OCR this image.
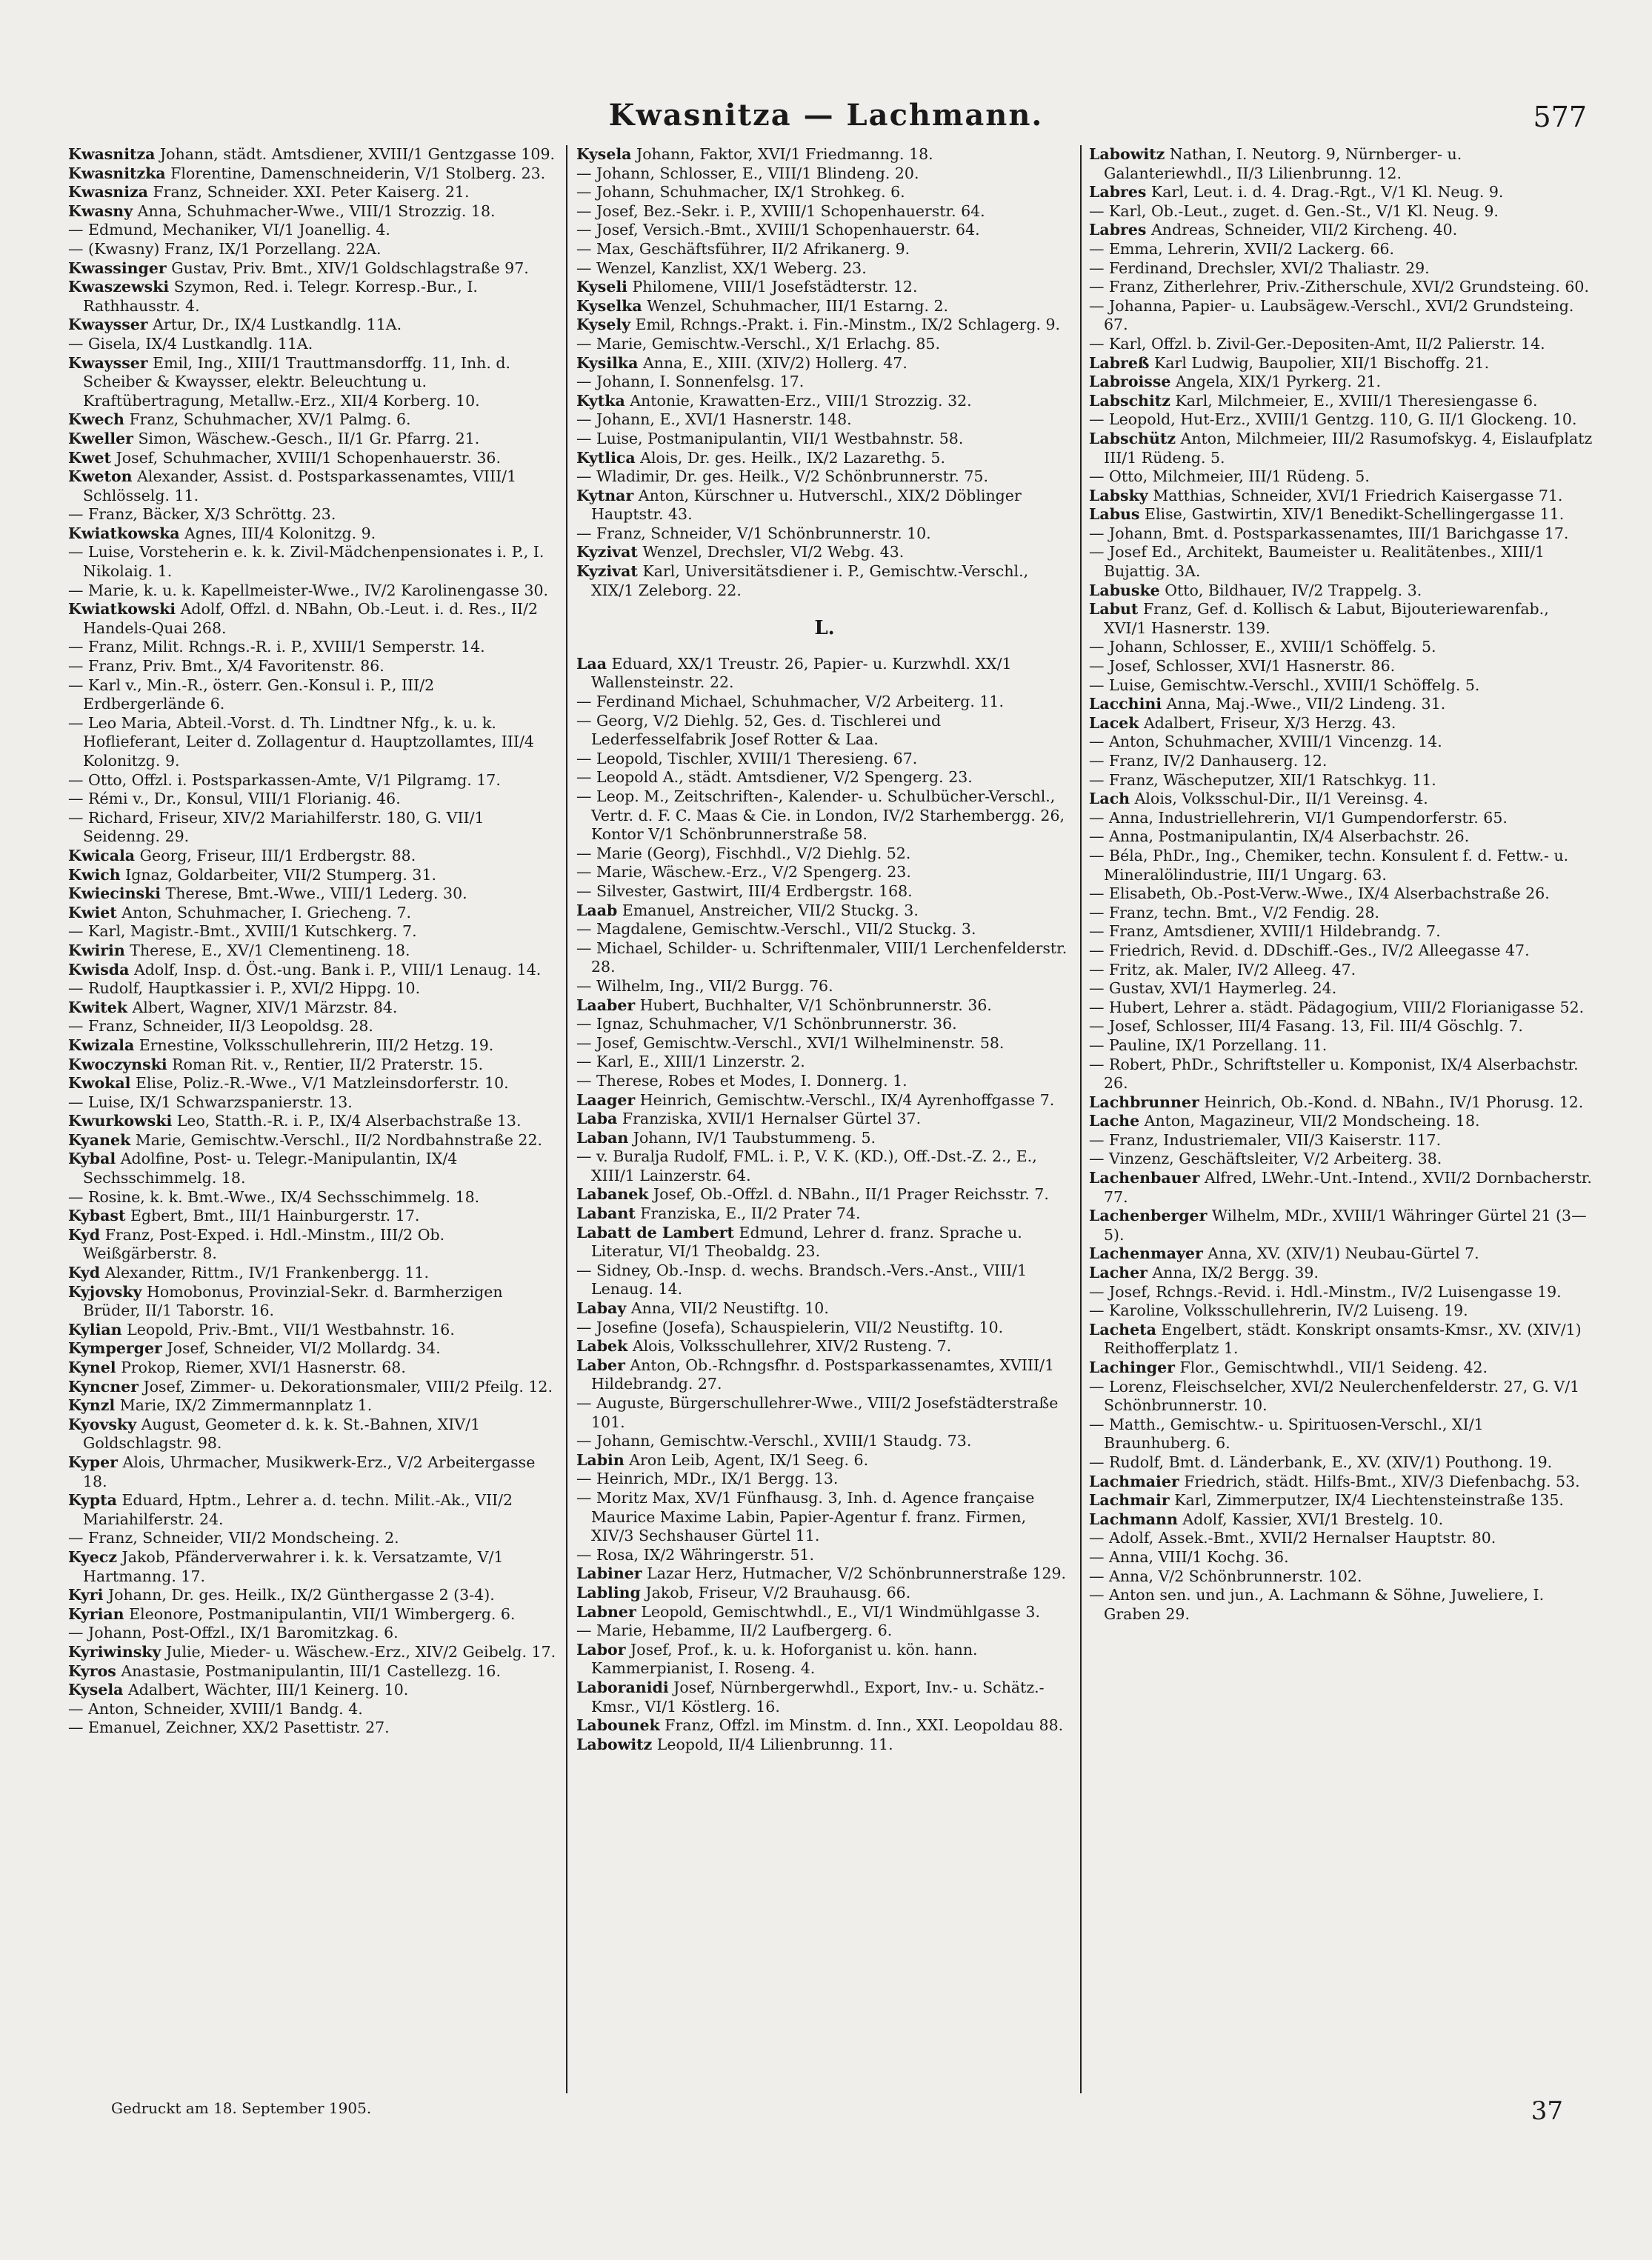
Kwasnitza — Lachmann.	577

Kwasnitza Johann, städt. Amtsdiener, XVIII/1 Gentzgasse 109.

Kwasnitzka Florentine, Damenschneiderin, V/1 Stolberg. 23.

Kwasniza Franz, Schneider. XXI. Peter Kaiserg. 21.

Kwasny Anna, Schuhmacher-Wwe., VIII/1 Strozzig. 18.

— Edmund, Mechaniker, VI/1 Joanellig. 4.

— (Kwasny) Franz, IX/1 Porzellang. 22A.

Kwassinger Gustav, Priv. Bmt., XIV/1 Goldschlagstraße 97.

Kwaszewski Szymon, Red. i. Telegr. Korresp.-Bur., I. Rathhausstr. 4.

Kwaysser Artur, Dr., IX/4 Lustkandlg. 11A.

— Gisela, IX/4 Lustkandlg. 11A.

Kwaysser Emil, Ing., XIII/1 Trauttmansdorffg. 11, Inh. d. Scheiber & Kwaysser, elektr. Beleuchtung u. Kraftübertragung, Metallw.-Erz., XII/4 Korberg. 10.

Kwech Franz, Schuhmacher, XV/1 Palmg. 6.

Kweller Simon, Wäschew.-Gesch., II/1 Gr. Pfarrg. 21.

Kwet Josef, Schuhmacher, XVIII/1 Schopenhauerstr. 36.

Kweton Alexander, Assist. d. Postsparkassenamtes, VIII/1 Schlösselg. 11.

— Franz, Bäcker, X/3 Schröttg. 23.

Kwiatkowska Agnes, III/4 Kolonitzg. 9.

— Luise, Vorsteherin e. k. k. Zivil-Mädchenpensionates i. P., I. Nikolaig. 1.

— Marie, k. u. k. Kapellmeister-Wwe., IV/2 Karolinengasse 30.

Kwiatkowski Adolf, Offzl. d. NBahn, Ob.-Leut. i. d. Res., II/2 Handels-Quai 268.

— Franz, Milit. Rchngs.-R. i. P., XVIII/1 Semperstr. 14.

— Franz, Priv. Bmt., X/4 Favoritenstr. 86.

— Karl v., Min.-R., österr. Gen.-Konsul i. P., III/2 Erdbergerlände 6.

— Leo Maria, Abteil.-Vorst. d. Th. Lindtner Nfg., k. u. k. Hoflieferant, Leiter d. Zollagentur d. Hauptzollamtes, III/4 Kolonitzg. 9.

— Otto, Offzl. i. Postsparkassen-Amte, V/1 Pilgramg. 17.

— Rémi v., Dr., Konsul, VIII/1 Florianig. 46.

— Richard, Friseur, XIV/2 Mariahilferstr. 180, G. VII/1 Seidenng. 29.

Kwicala Georg, Friseur, III/1 Erdbergstr. 88.

Kwich Ignaz, Goldarbeiter, VII/2 Stumperg. 31.

Kwiecinski Therese, Bmt.-Wwe., VIII/1 Lederg. 30.

Kwiet Anton, Schuhmacher, I. Griecheng. 7.

— Karl, Magistr.-Bmt., XVIII/1 Kutschkerg. 7.

Kwirin Therese, E., XV/1 Clementineng. 18.

Kwisda Adolf, Insp. d. Öst.-ung. Bank i. P., VIII/1 Lenaug. 14.

— Rudolf, Hauptkassier i. P., XVI/2 Hippg. 10.

Kwitek Albert, Wagner, XIV/1 Märzstr. 84.

— Franz, Schneider, II/3 Leopoldsg. 28.

Kwizala Ernestine, Volksschullehrerin, III/2 Hetzg. 19.

Kwoczynski Roman Rit. v., Rentier, II/2 Praterstr. 15.

Kwokal Elise, Poliz.-R.-Wwe., V/1 Matzleinsdorferstr. 10.

— Luise, IX/1 Schwarzspanierstr. 13.

Kwurkowski Leo, Statth.-R. i. P., IX/4 Alserbachstraße 13.

Kyanek Marie, Gemischtw.-Verschl., II/2 Nordbahnstraße 22.

Kybal Adolfine, Post- u. Telegr.-Manipulantin, IX/4 Sechsschimmelg. 18.

— Rosine, k. k. Bmt.-Wwe., IX/4 Sechsschimmelg. 18.

Kybast Egbert, Bmt., III/1 Hainburgerstr. 17.

Kyd Franz, Post-Exped. i. Hdl.-Minstm., III/2 Ob. Weißgärberstr. 8.

Kyd Alexander, Rittm., IV/1 Frankenbergg. 11.

Kyjovsky Homobonus, Provinzial-Sekr. d. Barmherzigen Brüder, II/1 Taborstr. 16.

Kylian Leopold, Priv.-Bmt., VII/1 Westbahnstr. 16.

Kymperger Josef, Schneider, VI/2 Mollardg. 34.

Kynel Prokop, Riemer, XVI/1 Hasnerstr. 68.

Kyncner Josef, Zimmer- u. Dekorationsmaler, VIII/2 Pfeilg. 12.

Kynzl Marie, IX/2 Zimmermannplatz 1.

Kyovsky August, Geometer d. k. k. St.-Bahnen, XIV/1 Goldschlagstr. 98.

Kyper Alois, Uhrmacher, Musikwerk-Erz., V/2 Arbeitergasse 18.

Kypta Eduard, Hptm., Lehrer a. d. techn. Milit.-Ak., VII/2 Mariahilferstr. 24.

— Franz, Schneider, VII/2 Mondscheing. 2.

Kyecz Jakob, Pfänderverwahrer i. k. k. Versatzamte, V/1 Hartmanng. 17.

Kyri Johann, Dr. ges. Heilk., IX/2 Günthergasse 2 (3-4).

Kyrian Eleonore, Postmanipulantin, VII/1 Wimbergerg. 6.

— Johann, Post-Offzl., IX/1 Baromitzkag. 6.

Kyriwinsky Julie, Mieder- u. Wäschew.-Erz., XIV/2 Geibelg. 17.

Kyros Anastasie, Postmanipulantin, III/1 Castellezg. 16.

Kysela Adalbert, Wächter, III/1 Keinerg. 10.

— Anton, Schneider, XVIII/1 Bandg. 4.

— Emanuel, Zeichner, XX/2 Pasettistr. 27.

Kysela Johann, Faktor, XVI/1 Friedmanng. 18.

— Johann, Schlosser, E., VIII/1 Blindeng. 20.

— Johann, Schuhmacher, IX/1 Strohkeg. 6.

— Josef, Bez.-Sekr. i. P., XVIII/1 Schopenhauerstr. 64.

— Josef, Versich.-Bmt., XVIII/1 Schopenhauerstr. 64.

— Max, Geschäftsführer, II/2 Afrikanerg. 9.

— Wenzel, Kanzlist, XX/1 Weberg. 23.

Kyseli Philomene, VIII/1 Josefstädterstr. 12.

Kyselka Wenzel, Schuhmacher, III/1 Estarng. 2.

Kysely Emil, Rchngs.-Prakt. i. Fin.-Minstm., IX/2 Schlagerg. 9.

— Marie, Gemischtw.-Verschl., X/1 Erlachg. 85.

Kysilka Anna, E., XIII. (XIV/2) Hollerg. 47.

— Johann, I. Sonnenfelsg. 17.

Kytka Antonie, Krawatten-Erz., VIII/1 Strozzig. 32.

— Johann, E., XVI/1 Hasnerstr. 148.

— Luise, Postmanipulantin, VII/1 Westbahnstr. 58.

Kytlica Alois, Dr. ges. Heilk., IX/2 Lazarethg. 5.

— Wladimir, Dr. ges. Heilk., V/2 Schönbrunnerstr. 75.

Kytnar Anton, Kürschner u. Hutverschl., XIX/2 Döblinger Hauptstr. 43.

— Franz, Schneider, V/1 Schönbrunnerstr. 10.

Kyzivat Wenzel, Drechsler, VI/2 Webg. 43.

Kyzivat Karl, Universitätsdiener i. P., Gemischtw.-Verschl., XIX/1 Zeleborg. 22.

L.

Laa Eduard, XX/1 Treustr. 26, Papier- u. Kurzwhdl. XX/1 Wallensteinstr. 22.

— Ferdinand Michael, Schuhmacher, V/2 Arbeiterg. 11.

— Georg, V/2 Diehlg. 52, Ges. d. Tischlerei und Lederfesselfabrik Josef Rotter & Laa.

— Leopold, Tischler, XVIII/1 Theresieng. 67.

— Leopold A., städt. Amtsdiener, V/2 Spengerg. 23.

— Leop. M., Zeitschriften-, Kalender- u. Schulbücher-Verschl., Vertr. d. F. C. Maas & Cie. in London, IV/2 Starhembergg. 26, Kontor V/1 Schönbrunnerstraße 58.

— Marie (Georg), Fischhdl., V/2 Diehlg. 52.

— Marie, Wäschew.-Erz., V/2 Spengerg. 23.

— Silvester, Gastwirt, III/4 Erdbergstr. 168.

Laab Emanuel, Anstreicher, VII/2 Stuckg. 3.

— Magdalene, Gemischtw.-Verschl., VII/2 Stuckg. 3.

— Michael, Schilder- u. Schriftenmaler, VIII/1 Lerchenfelderstr. 28.

— Wilhelm, Ing., VII/2 Burgg. 76.

Laaber Hubert, Buchhalter, V/1 Schönbrunnerstr. 36.

— Ignaz, Schuhmacher, V/1 Schönbrunnerstr. 36.

— Josef, Gemischtw.-Verschl., XVI/1 Wilhelminenstr. 58.

— Karl, E., XIII/1 Linzerstr. 2.

— Therese, Robes et Modes, I. Donnerg. 1.

Laager Heinrich, Gemischtw.-Verschl., IX/4 Ayrenhoffgasse 7.

Laba Franziska, XVII/1 Hernalser Gürtel 37.

Laban Johann, IV/1 Taubstummeng. 5.

— v. Buralja Rudolf, FML. i. P., V. K. (KD.), Off.-Dst.-Z. 2., E., XIII/1 Lainzerstr. 64.

Labanek Josef, Ob.-Offzl. d. NBahn., II/1 Prager Reichsstr. 7.

Labant Franziska, E., II/2 Prater 74.

Labatt de Lambert Edmund, Lehrer d. franz. Sprache u. Literatur, VI/1 Theobaldg. 23.

— Sidney, Ob.-Insp. d. wechs. Brandsch.-Vers.-Anst., VIII/1 Lenaug. 14.

Labay Anna, VII/2 Neustiftg. 10.

— Josefine (Josefa), Schauspielerin, VII/2 Neustiftg. 10.

Labek Alois, Volksschullehrer, XIV/2 Rusteng. 7.

Laber Anton, Ob.-Rchngsfhr. d. Postsparkassenamtes, XVIII/1 Hildebrandg. 27.

— Auguste, Bürgerschullehrer-Wwe., VIII/2 Josefstädterstraße 101.

— Johann, Gemischtw.-Verschl., XVIII/1 Staudg. 73.

Labin Aron Leib, Agent, IX/1 Seeg. 6.

— Heinrich, MDr., IX/1 Bergg. 13.

— Moritz Max, XV/1 Fünfhausg. 3, Inh. d. Agence française Maurice Maxime Labin, Papier-Agentur f. franz. Firmen, XIV/3 Sechshauser Gürtel 11.

— Rosa, IX/2 Währingerstr. 51.

Labiner Lazar Herz, Hutmacher, V/2 Schönbrunnerstraße 129.

Labling Jakob, Friseur, V/2 Brauhausg. 66.

Labner Leopold, Gemischtwhdl., E., VI/1 Windmühlgasse 3.

— Marie, Hebamme, II/2 Laufbergerg. 6.

Labor Josef, Prof., k. u. k. Hoforganist u. kön. hann. Kammerpianist, I. Roseng. 4.

Laboranidi Josef, Nürnbergerwhdl., Export, Inv.- u. Schätz.-Kmsr., VI/1 Köstlerg. 16.

Labounek Franz, Offzl. im Minstm. d. Inn., XXI. Leopoldau 88.

Labowitz Leopold, II/4 Lilienbrunng. 11.

Labowitz Nathan, I. Neutorg. 9, Nürnberger- u. Galanteriewhdl., II/3 Lilienbrunng. 12.

Labres Karl, Leut. i. d. 4. Drag.-Rgt., V/1 Kl. Neug. 9.

— Karl, Ob.-Leut., zuget. d. Gen.-St., V/1 Kl. Neug. 9.

Labres Andreas, Schneider, VII/2 Kircheng. 40.

— Emma, Lehrerin, XVII/2 Lackerg. 66.

— Ferdinand, Drechsler, XVI/2 Thaliastr. 29.

— Franz, Zitherlehrer, Priv.-Zitherschule, XVI/2 Grundsteing. 60.

— Johanna, Papier- u. Laubsägew.-Verschl., XVI/2 Grundsteing. 67.

— Karl, Offzl. b. Zivil-Ger.-Depositen-Amt, II/2 Palierstr. 14.

Labreß Karl Ludwig, Baupolier, XII/1 Bischoffg. 21.

Labroisse Angela, XIX/1 Pyrkerg. 21.

Labschitz Karl, Milchmeier, E., XVIII/1 Theresiengasse 6.

— Leopold, Hut-Erz., XVIII/1 Gentzg. 110, G. II/1 Glockeng. 10.

Labschütz Anton, Milchmeier, III/2 Rasumofskyg. 4, Eislaufplatz III/1 Rüdeng. 5.

— Otto, Milchmeier, III/1 Rüdeng. 5.

Labsky Matthias, Schneider, XVI/1 Friedrich Kaisergasse 71.

Labus Elise, Gastwirtin, XIV/1 Benedikt-Schellingergasse 11.

— Johann, Bmt. d. Postsparkassenamtes, III/1 Barichgasse 17.

— Josef Ed., Architekt, Baumeister u. Realitätenbes., XIII/1 Bujattig. 3A.

Labuske Otto, Bildhauer, IV/2 Trappelg. 3.

Labut Franz, Gef. d. Kollisch & Labut, Bijouteriewarenfab., XVI/1 Hasnerstr. 139.

— Johann, Schlosser, E., XVIII/1 Schöffelg. 5.

— Josef, Schlosser, XVI/1 Hasnerstr. 86.

— Luise, Gemischtw.-Verschl., XVIII/1 Schöffelg. 5.

Lacchini Anna, Maj.-Wwe., VII/2 Lindeng. 31.

Lacek Adalbert, Friseur, X/3 Herzg. 43.

— Anton, Schuhmacher, XVIII/1 Vincenzg. 14.

— Franz, IV/2 Danhauserg. 12.

— Franz, Wäscheputzer, XII/1 Ratschkyg. 11.

Lach Alois, Volksschul-Dir., II/1 Vereinsg. 4.

— Anna, Industriellehrerin, VI/1 Gumpendorferstr. 65.

— Anna, Postmanipulantin, IX/4 Alserbachstr. 26.

— Béla, PhDr., Ing., Chemiker, techn. Konsulent f. d. Fettw.- u. Mineralölindustrie, III/1 Ungarg. 63.

— Elisabeth, Ob.-Post-Verw.-Wwe., IX/4 Alserbachstraße 26.

— Franz, techn. Bmt., V/2 Fendig. 28.

— Franz, Amtsdiener, XVIII/1 Hildebrandg. 7.

— Friedrich, Revid. d. DDschiff.-Ges., IV/2 Alleegasse 47.

— Fritz, ak. Maler, IV/2 Alleeg. 47.

— Gustav, XVI/1 Haymerleg. 24.

— Hubert, Lehrer a. städt. Pädagogium, VIII/2 Florianigasse 52.

— Josef, Schlosser, III/4 Fasang. 13, Fil. III/4 Göschlg. 7.

— Pauline, IX/1 Porzellang. 11.

— Robert, PhDr., Schriftsteller u. Komponist, IX/4 Alserbachstr. 26.

Lachbrunner Heinrich, Ob.-Kond. d. NBahn., IV/1 Phorusg. 12.

Lache Anton, Magazineur, VII/2 Mondscheing. 18.

— Franz, Industriemaler, VII/3 Kaiserstr. 117.

— Vinzenz, Geschäftsleiter, V/2 Arbeiterg. 38.

Lachenbauer Alfred, LWehr.-Unt.-Intend., XVII/2 Dornbacherstr. 77.

Lachenberger Wilhelm, MDr., XVIII/1 Währinger Gürtel 21 (3—5).

Lachenmayer Anna, XV. (XIV/1) Neubau-Gürtel 7.

Lacher Anna, IX/2 Bergg. 39.

— Josef, Rchngs.-Revid. i. Hdl.-Minstm., IV/2 Luisengasse 19.

— Karoline, Volksschullehrerin, IV/2 Luiseng. 19.

Lacheta Engelbert, städt. Konskript onsamts-Kmsr., XV. (XIV/1) Reithofferplatz 1.

Lachinger Flor., Gemischtwhdl., VII/1 Seideng. 42.

— Lorenz, Fleischselcher, XVI/2 Neulerchenfelderstr. 27, G. V/1 Schönbrunnerstr. 10.

— Matth., Gemischtw.- u. Spirituosen-Verschl., XI/1 Braunhuberg. 6.

— Rudolf, Bmt. d. Länderbank, E., XV. (XIV/1) Pouthong. 19.

Lachmaier Friedrich, städt. Hilfs-Bmt., XIV/3 Diefenbachg. 53.

Lachmair Karl, Zimmerputzer, IX/4 Liechtensteinstraße 135.

Lachmann Adolf, Kassier, XVI/1 Brestelg. 10.

— Adolf, Assek.-Bmt., XVII/2 Hernalser Hauptstr. 80.

— Anna, VIII/1 Kochg. 36.

— Anna, V/2 Schönbrunnerstr. 102.

— Anton sen. und jun., A. Lachmann & Söhne, Juweliere, I. Graben 29.

Gedruckt am 18. September 1905.	37
